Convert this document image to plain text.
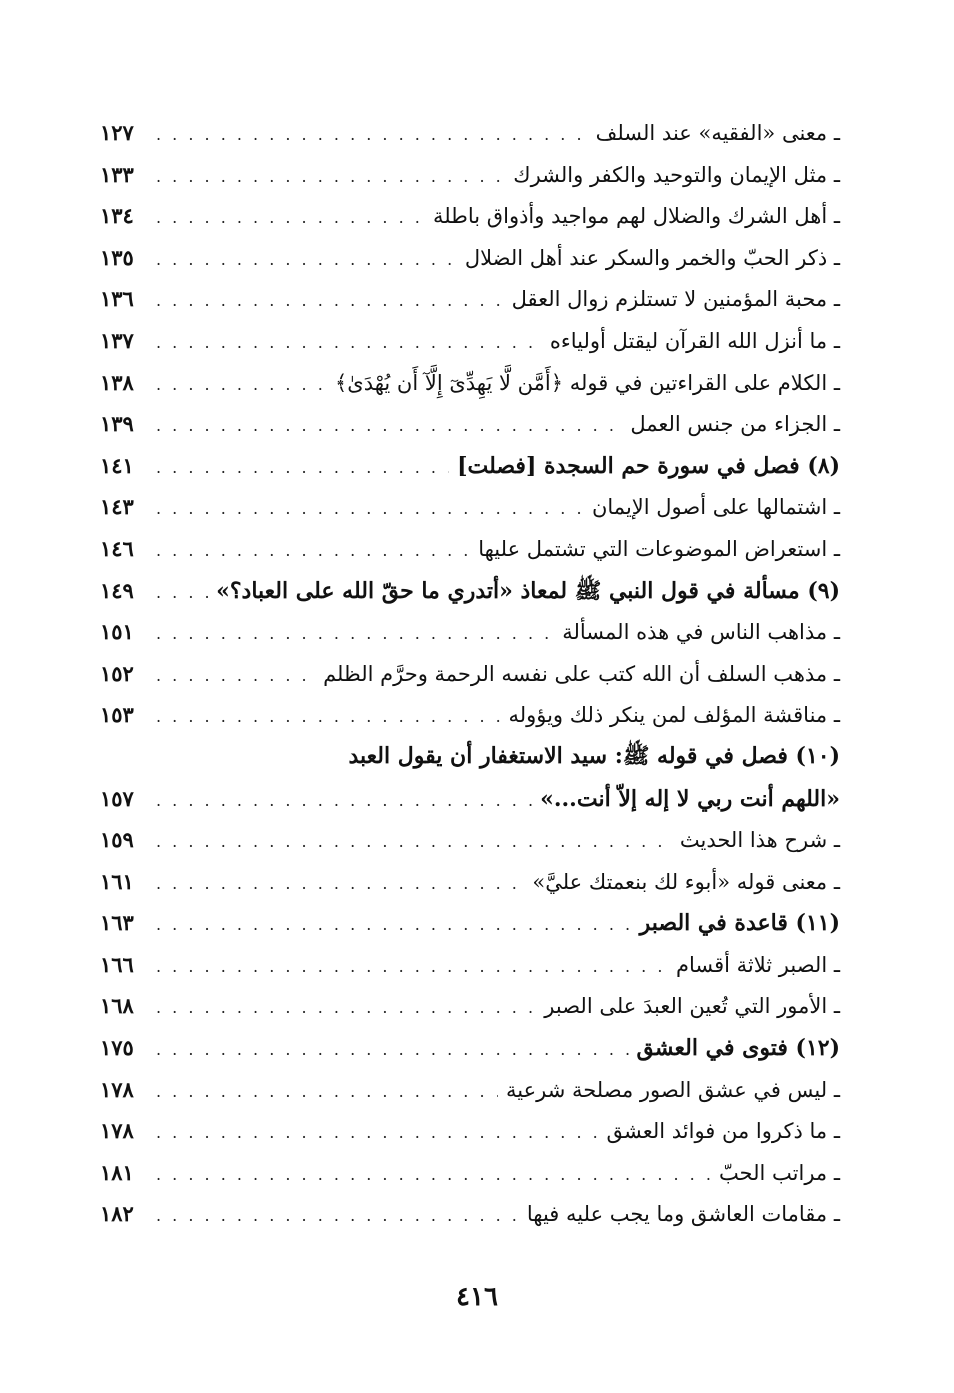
ـ معنى «الفقيه» عند السلف
. . .
١٢٧
ـ مثل الإيمان والتوحيد والكفر والشرك
. . .
١٣٣
ـ أهل الشرك والضلال لهم مواجيد وأذواق باطلة
. . .
١٣٤
ـ ذكر الحبّ والخمر والسكر عند أهل الضلال
. . .
١٣٥
ـ محبة المؤمنين لا تستلزم زوال العقل
. . .
١٣٦
ـ ما أنزل الله القرآن ليقتل أولياءه
. . .
١٣٧
ـ الكلام على القراءتين في قوله ﴿أَمَّن لَّا يَهِدِّىٓ إِلَّآ أَن يُهْدَىٰ﴾
. . .
١٣٨
ـ الجزاء من جنس العمل
. . .
١٣٩
(٨) فصل في سورة حم السجدة [فصلت]
. . .
١٤١
ـ اشتمالها على أصول الإيمان
. . .
١٤٣
ـ استعراض الموضوعات التي تشتمل عليها
. . .
١٤٦
(٩) مسألة في قول النبي ﷺ لمعاذ «أتدري ما حقّ الله على العباد؟»
. . .
١٤٩
ـ مذاهب الناس في هذه المسألة
. . .
١٥١
ـ مذهب السلف أن الله كتب على نفسه الرحمة وحرَّم الظلم
. . .
١٥٢
ـ مناقشة المؤلف لمن ينكر ذلك ويؤوله
. . .
١٥٣
(١٠) فصل في قوله ﷺ: سيد الاستغفار أن يقول العبد
«اللهم أنت ربي لا إله إلاّ أنت...»
. . .
١٥٧
ـ شرح هذا الحديث
. . .
١٥٩
ـ معنى قوله «أبوء لك بنعمتك عليَّ»
. . .
١٦١
(١١) قاعدة في الصبر
. . .
١٦٣
ـ الصبر ثلاثة أقسام
. . .
١٦٦
ـ الأمور التي تُعين العبدَ على الصبر
. . .
١٦٨
(١٢) فتوى في العشق
. . .
١٧٥
ـ ليس في عشق الصور مصلحة شرعية
. . .
١٧٨
ـ ما ذكروا من فوائد العشق
. . .
١٧٨
ـ مراتب الحبّ
. . .
١٨١
ـ مقامات العاشق وما يجب عليه فيها
. . .
١٨٢
٤١٦
